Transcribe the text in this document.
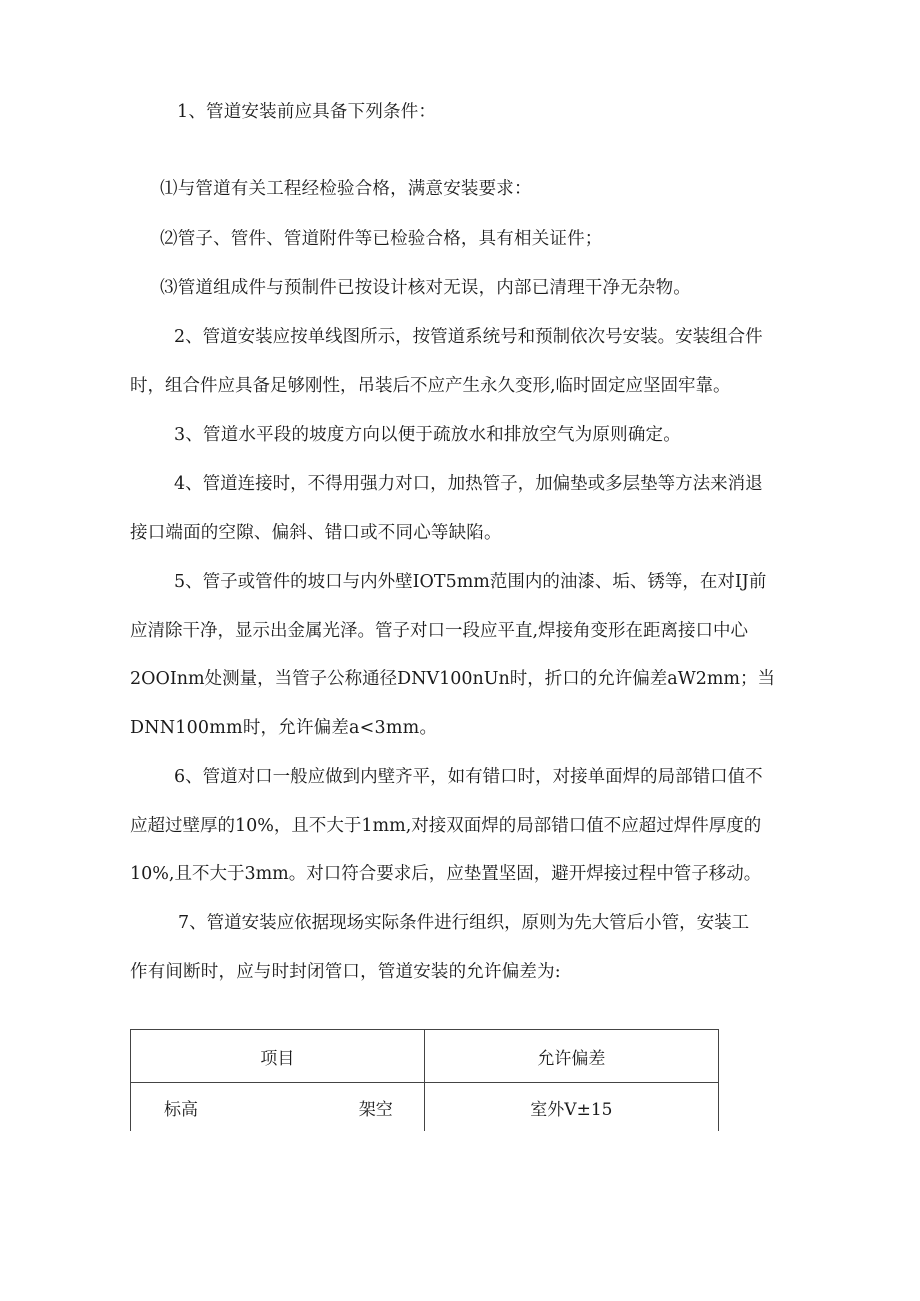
1、管道安装前应具备下列条件：
⑴与管道有关工程经检验合格，满意安装要求：
⑵管子、管件、管道附件等已检验合格，具有相关证件；
⑶管道组成件与预制件已按设计核对无误，内部已清理干净无杂物。
2、管道安装应按单线图所示，按管道系统号和预制依次号安装。安装组合件
时，组合件应具备足够刚性，吊装后不应产生永久变形,临时固定应坚固牢靠。
3、管道水平段的坡度方向以便于疏放水和排放空气为原则确定。
4、管道连接时，不得用强力对口，加热管子，加偏垫或多层垫等方法来消退
接口端面的空隙、偏斜、错口或不同心等缺陷。
5、管子或管件的坡口与内外壁IOT5mm范围内的油漆、垢、锈等，在对IJ前
应清除干净，显示出金属光泽。管子对口一段应平直,焊接角变形在距离接口中心
2OOInm处测量，当管子公称通径DNV100nUn时，折口的允许偏差aW2mm；当
DNN100mm时，允许偏差a<3mm。
6、管道对口一般应做到内壁齐平，如有错口时，对接单面焊的局部错口值不
应超过壁厚的10%，且不大于1mm,对接双面焊的局部错口值不应超过焊件厚度的
10%,且不大于3mm。对口符合要求后，应垫置坚固，避开焊接过程中管子移动。
7、管道安装应依据现场实际条件进行组织，原则为先大管后小管，安装工
作有间断时，应与时封闭管口，管道安装的允许偏差为:
项目	允许偏差

标高 架空	室外V±15
